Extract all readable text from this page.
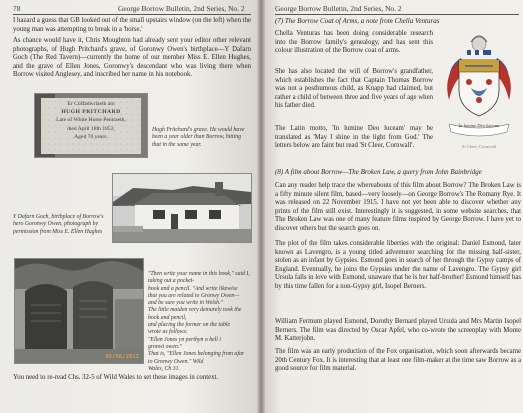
78	George Borrow Bulletin, 2nd Series, No. 2
I hazard a guess that GB looked out of the small upstairs window (on the left) when the young man was attempting to break in a 'horse.'
As chance would have it, Chris Moughton had already sent your editor other relevant photographs, of Hugh Pritchard's grave, of Goronwy Owen's birthplace—Y Dafarn Goch (The Red Tavern)—currently the home of our member Miss E. Ellen Hughes, and the grave of Ellen Jones, Goronwy's descendant who was living there when Borrow visited Anglesey, and inscribed her name in his notebook.
Er Coffadwriaeth am
HUGH PRITCHARD
Late of White Horse Pentraeth,
died April 18th 1852,
Aged 70 years.
Hugh Pritchard's grave. He would have been a year older than Borrow, hitting that in the same year.
Y Dafarn Goch, birthplace of Borrow's hero Goronwy Owen, photograph by permission from Miss E. Ellen Hughes
05/08/2012
"Then write your name in this book," said I, taking out a pocket-
book and a pencil. "And write likewise
that you are related to Gronwy Owen—
and be sure you write in Welsh."
The little maiden very demurely took the book and pencil,
and placing the former on the table
wrote as follows:
"Ellen Jones yn perthyn o bell i
gronwi owen."
That is, "Ellen Jones belonging from afar
to Gronwy Owen." Wild
Wales, Ch 31.
You need to re-read Chs. 32-5 of Wild Wales to set these images in context.
George Borrow Bulletin, 2nd Series, No. 2
(7) The Borrow Coat of Arms, a note from Chella Venturas
Chella Venturas has been doing considerable research into the Borrow family's genealogy, and has sent this colour illustration of the Borrow coat of arms.
She has also located the will of Borrow's grandfather, which establishes the fact that Captain Thomas Borrow was not a posthumous child, as Knapp had claimed, but rather a child of between three and five years of age when his father died.
The Latin motto, 'In lumine Deo luceam' may be translated as 'May I shine in the light from God.' The letters below are faint but read 'St Cleer, Cornwall'.
In lumine Deo luceam
St Cleer, Cornwall
(8) A film about Borrow—The Broken Law, a query from John Bainbridge
Can any reader help trace the whereabouts of this film about Borrow? The Broken Law is a fifty minute silent film, based—very loosely—on George Borrow's The Romany Rye. It was released on 22 November 1915. I have not yet been able to discover whether any prints of the film still exist. Interestingly it is suggested, in some website searches, that The Broken Law was one of many feature films inspired by George Borrow. I have yet to discover others but the search goes on.
The plot of the film takes considerable liberties with the original: Daniel Esmond, later known as Lavengro, is a young titled adventurer searching for the missing half-sister, stolen as an infant by Gypsies. Esmond goes in search of her through the Gypsy camps of England. Eventually, he joins the Gypsies under the name of Lavengro. The Gypsy girl Ursula falls in love with Esmond, unaware that he is her half-brother! Esmond himself has by this time fallen for a non-Gypsy girl, Isopel Berners.
William Fermum played Esmond, Dorothy Bernard played Ursula and Mrs Martin Isopel Berners. The film was directed by Oscar Apfel, who co-wrote the screenplay with Monte M. Katterjohn.
The film was an early production of the Fox organisation, which soon afterwards became 20th Century Fox. It is interesting that at least one film-maker at the time saw Borrow as a good source for film material.
